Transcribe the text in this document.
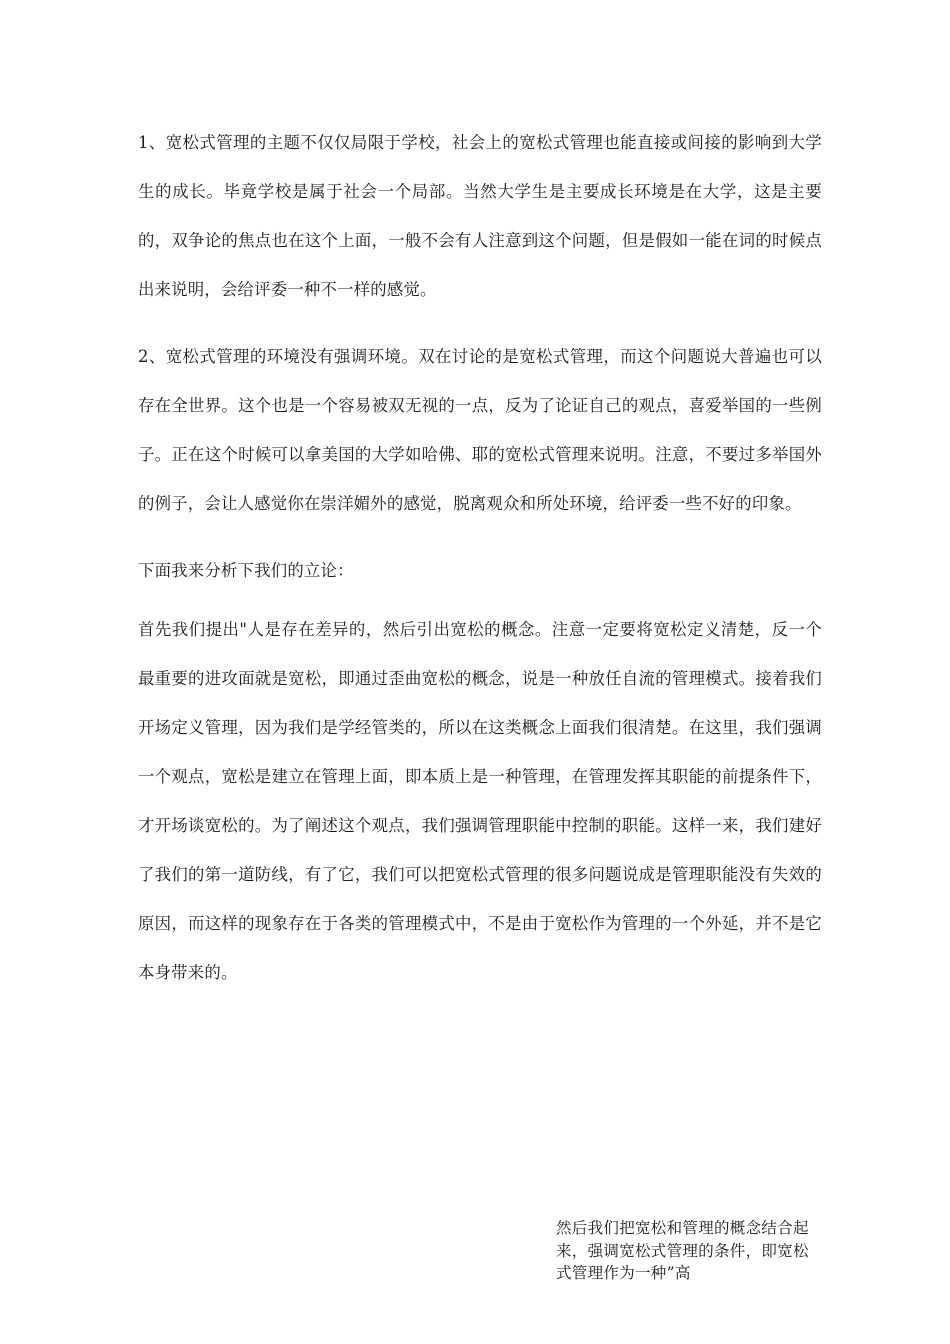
1、宽松式管理的主题不仅仅局限于学校，社会上的宽松式管理也能直接或间接的影响到大学生的成长。毕竟学校是属于社会一个局部。当然大学生是主要成长环境是在大学，这是主要的，双争论的焦点也在这个上面，一般不会有人注意到这个问题，但是假如一能在词的时候点出来说明，会给评委一种不一样的感觉。

2、宽松式管理的环境没有强调环境。双在讨论的是宽松式管理，而这个问题说大普遍也可以存在全世界。这个也是一个容易被双无视的一点，反为了论证自己的观点，喜爱举国的一些例子。正在这个时候可以拿美国的大学如哈佛、耶的宽松式管理来说明。注意，不要过多举国外的例子，会让人感觉你在崇洋媚外的感觉，脱离观众和所处环境，给评委一些不好的印象。

下面我来分析下我们的立论：

首先我们提出"人是存在差异的，然后引出宽松的概念。注意一定要将宽松定义清楚，反一个最重要的进攻面就是宽松，即通过歪曲宽松的概念，说是一种放任自流的管理模式。接着我们开场定义管理，因为我们是学经管类的，所以在这类概念上面我们很清楚。在这里，我们强调一个观点，宽松是建立在管理上面，即本质上是一种管理，在管理发挥其职能的前提条件下，才开场谈宽松的。为了阐述这个观点，我们强调管理职能中控制的职能。这样一来，我们建好了我们的第一道防线，有了它，我们可以把宽松式管理的很多问题说成是管理职能没有失效的原因，而这样的现象存在于各类的管理模式中，不是由于宽松作为管理的一个外延，并不是它本身带来的。

然后我们把宽松和管理的概念结合起来，强调宽松式管理的条件，即宽松式管理作为一种”高
